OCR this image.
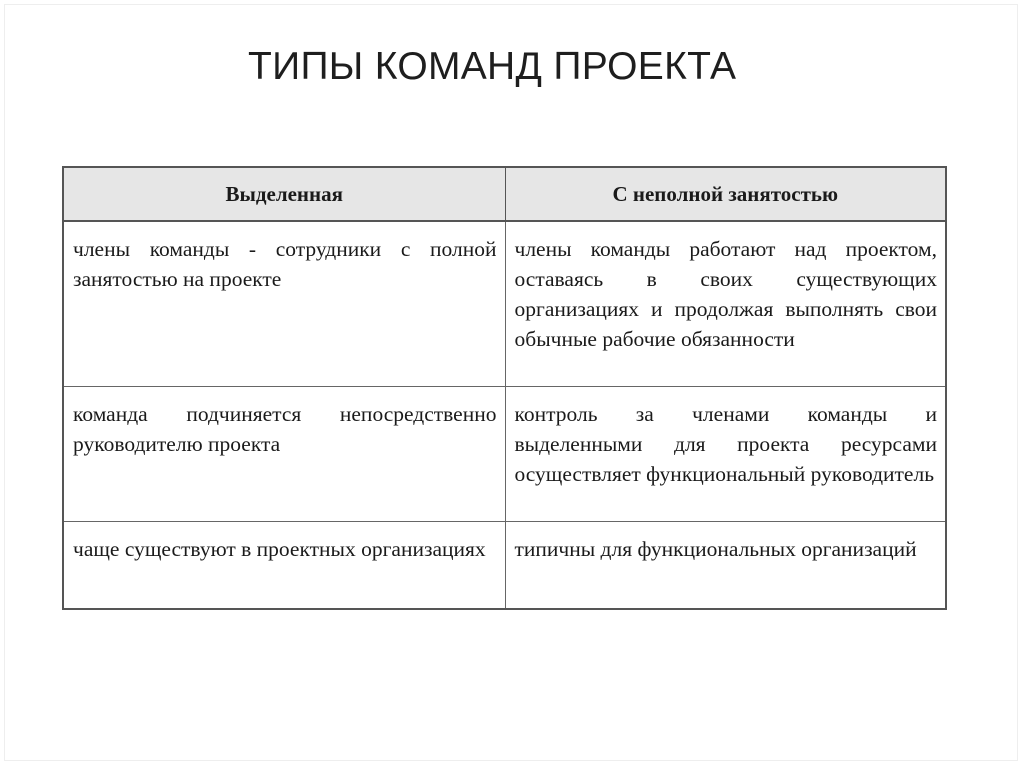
ТИПЫ КОМАНД ПРОЕКТА
Выделенная	С неполной занятостью
члены команды - сотрудники с полной занятостью на проекте	члены команды работают над проектом, оставаясь в своих существующих организациях и продолжая выполнять свои обычные рабочие обязанности
команда подчиняется непосредственно руководителю проекта	контроль за членами команды и выделенными для проекта ресурсами осуществляет функциональный руководитель
чаще существуют в проектных организациях	типичны для функциональных организаций
